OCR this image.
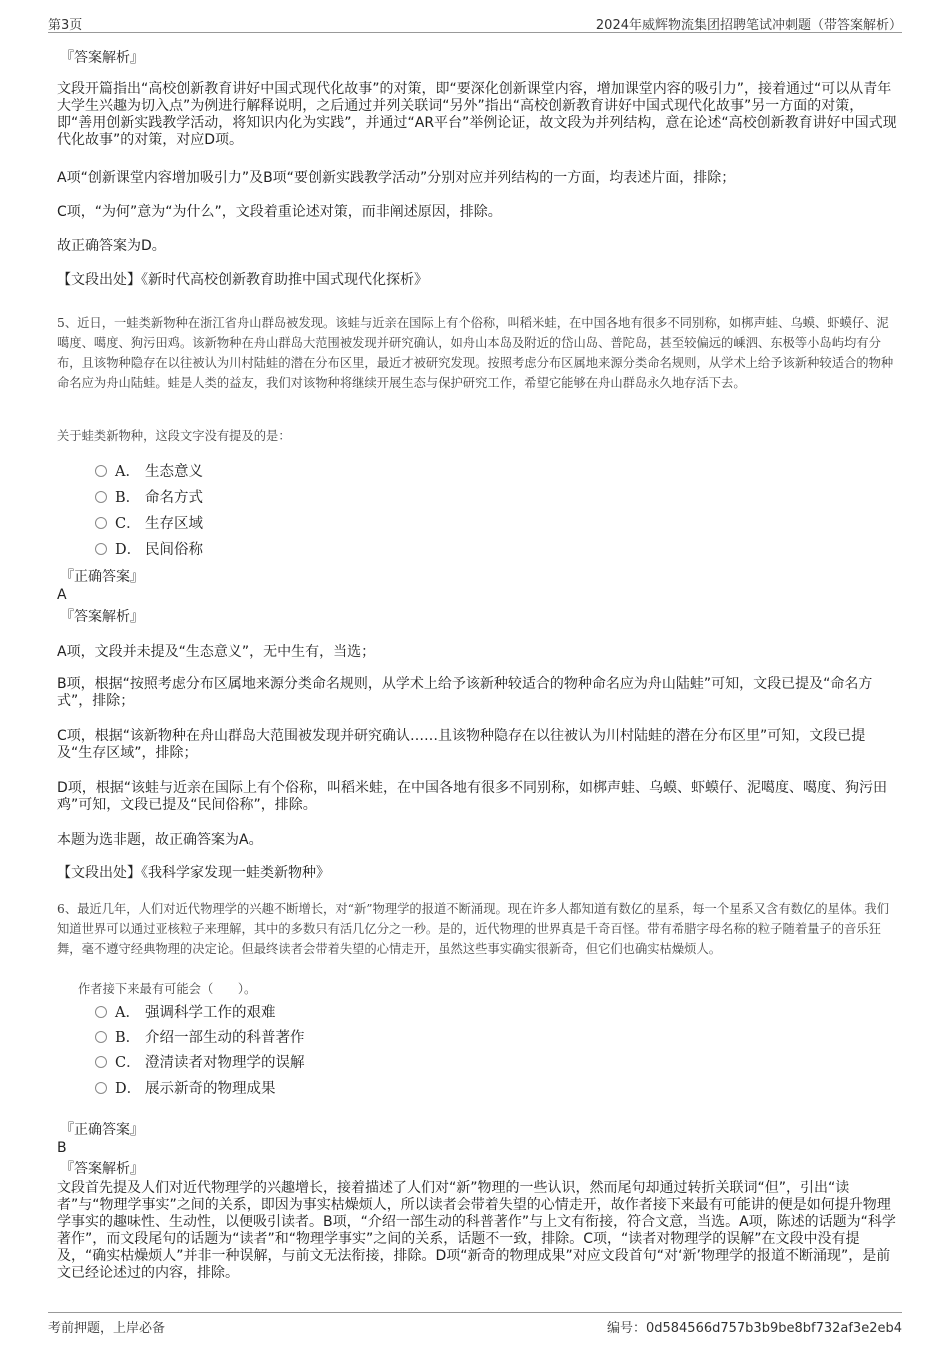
第3页	2024年威辉物流集团招聘笔试冲刺题（带答案解析）
『答案解析』

文段开篇指出“高校创新教育讲好中国式现代化故事”的对策，即“要深化创新课堂内容，增加课堂内容的吸引力”，接着通过“可以从青年大学生兴趣为切入点”为例进行解释说明，之后通过并列关联词“另外”指出“高校创新教育讲好中国式现代化故事”另一方面的对策，即“善用创新实践教学活动，将知识内化为实践”，并通过“AR平台”举例论证，故文段为并列结构，意在论述“高校创新教育讲好中国式现代化故事”的对策，对应D项。

A项“创新课堂内容增加吸引力”及B项“要创新实践教学活动”分别对应并列结构的一方面，均表述片面，排除；

C项，“为何”意为“为什么”，文段着重论述对策，而非阐述原因，排除。

故正确答案为D。

【文段出处】《新时代高校创新教育助推中国式现代化探析》

5、近日，一蛙类新物种在浙江省舟山群岛被发现。该蛙与近亲在国际上有个俗称，叫稻米蛙，在中国各地有很多不同别称，如梆声蛙、乌蟆、虾蟆仔、泥噶度、噶度、狗污田鸡。该新物种在舟山群岛大范围被发现并研究确认，如舟山本岛及附近的岱山岛、普陀岛，甚至较偏远的嵊泗、东极等小岛屿均有分布，且该物种隐存在以往被认为川村陆蛙的潜在分布区里，最近才被研究发现。按照考虑分布区属地来源分类命名规则，从学术上给予该新种较适合的物种命名应为舟山陆蛙。蛙是人类的益友，我们对该物种将继续开展生态与保护研究工作，希望它能够在舟山群岛永久地存活下去。

关于蛙类新物种，这段文字没有提及的是：

A． 生态意义
B． 命名方式
C． 生存区域
D． 民间俗称
『正确答案』
A
『答案解析』

A项，文段并未提及“生态意义”，无中生有，当选；

B项，根据“按照考虑分布区属地来源分类命名规则，从学术上给予该新种较适合的物种命名应为舟山陆蛙”可知，文段已提及“命名方式”，排除；

C项，根据“该新物种在舟山群岛大范围被发现并研究确认……且该物种隐存在以往被认为川村陆蛙的潜在分布区里”可知，文段已提及“生存区域”，排除；

D项，根据“该蛙与近亲在国际上有个俗称，叫稻米蛙，在中国各地有很多不同别称，如梆声蛙、乌蟆、虾蟆仔、泥噶度、噶度、狗污田鸡”可知，文段已提及“民间俗称”，排除。

本题为选非题，故正确答案为A。

【文段出处】《我科学家发现一蛙类新物种》

6、最近几年，人们对近代物理学的兴趣不断增长，对“新”物理学的报道不断涌现。现在许多人都知道有数亿的星系，每一个星系又含有数亿的星体。我们知道世界可以通过亚核粒子来理解，其中的多数只有活几亿分之一秒。是的，近代物理的世界真是千奇百怪。带有希腊字母名称的粒子随着量子的音乐狂舞，毫不遵守经典物理的决定论。但最终读者会带着失望的心情走开，虽然这些事实确实很新奇，但它们也确实枯燥烦人。

作者接下来最有可能会（　　）。

A． 强调科学工作的艰难
B． 介绍一部生动的科普著作
C． 澄清读者对物理学的误解
D． 展示新奇的物理成果
『正确答案』
B
『答案解析』

文段首先提及人们对近代物理学的兴趣增长，接着描述了人们对“新”物理的一些认识，然而尾句却通过转折关联词“但”，引出“读者”与“物理学事实”之间的关系，即因为事实枯燥烦人，所以读者会带着失望的心情走开，故作者接下来最有可能讲的便是如何提升物理学事实的趣味性、生动性，以便吸引读者。B项，“介绍一部生动的科普著作”与上文有衔接，符合文意，当选。A项，陈述的话题为“科学著作”，而文段尾句的话题为“读者”和“物理学事实”之间的关系，话题不一致，排除。C项，“读者对物理学的误解”在文段中没有提及，“确实枯燥烦人”并非一种误解，与前文无法衔接，排除。D项“新奇的物理成果”对应文段首句“对‘新’物理学的报道不断涌现”，是前文已经论述过的内容，排除。

考前押题，上岸必备	编号：0d584566d757b3b9be8bf732af3e2eb4
